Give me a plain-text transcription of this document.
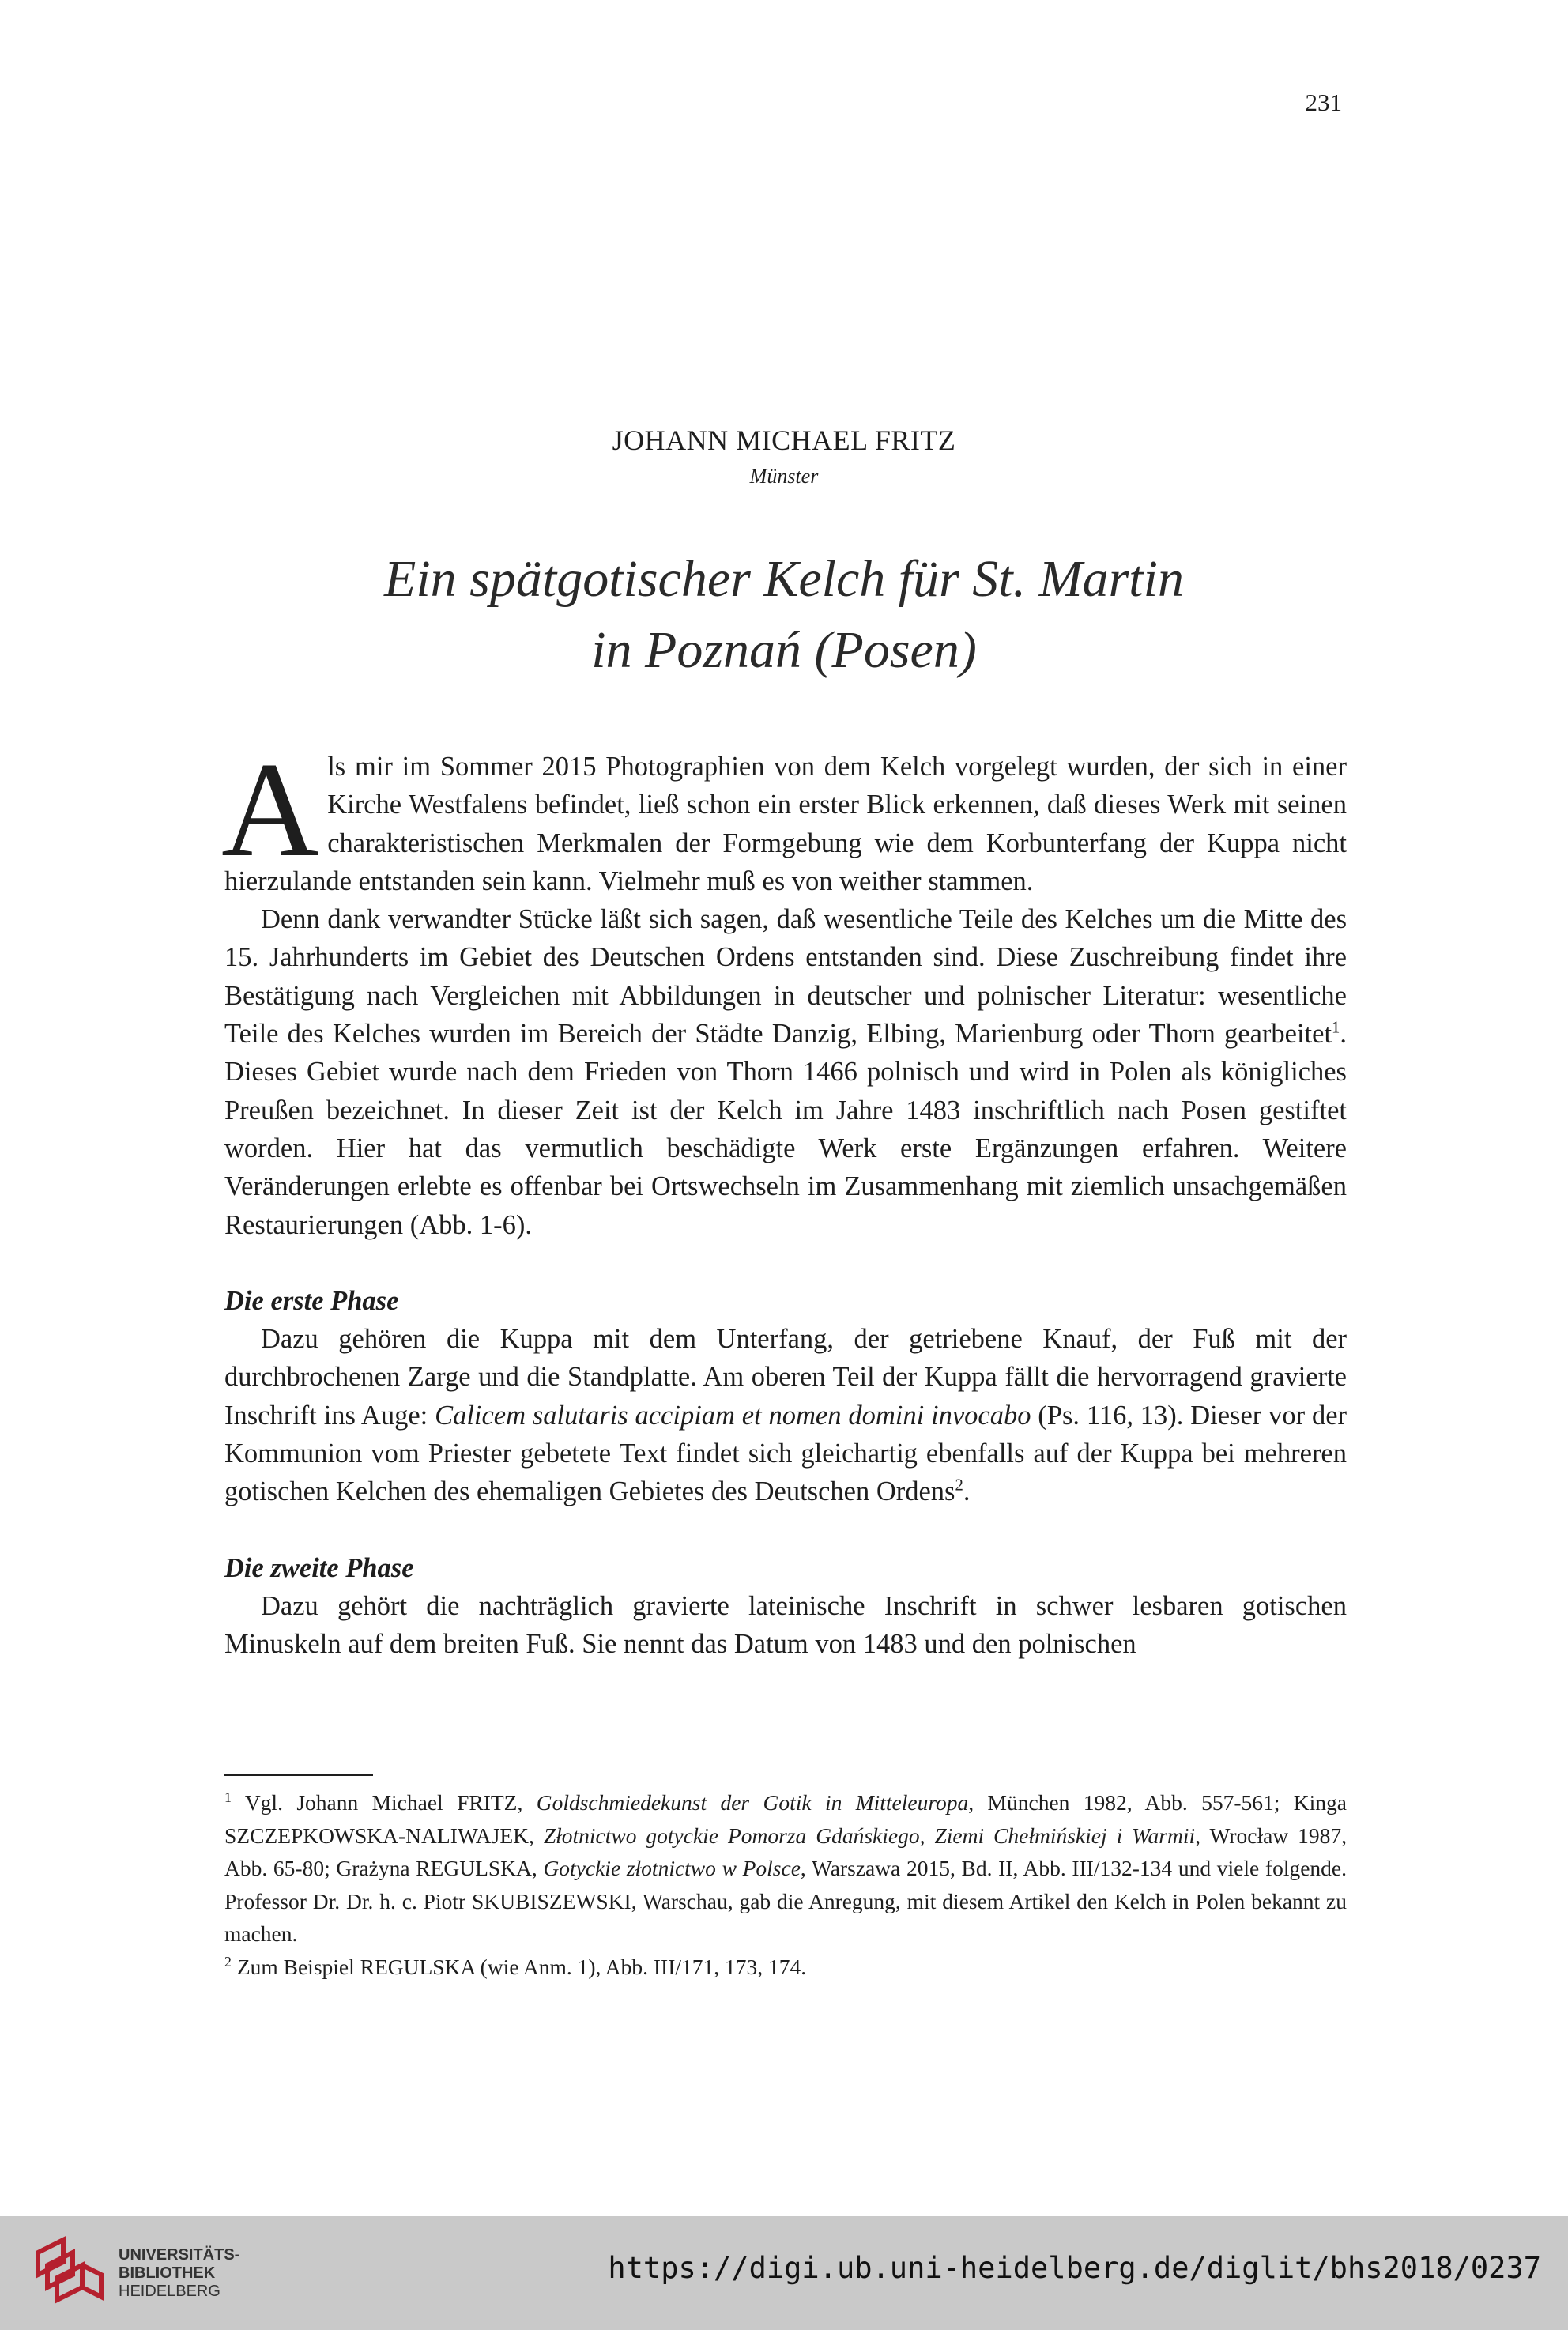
231
JOHANN MICHAEL FRITZ
Münster
Ein spätgotischer Kelch für St. Martin
in Poznań (Posen)

Als mir im Sommer 2015 Photographien von dem Kelch vorgelegt wurden, der sich in einer Kirche Westfalens befindet, ließ schon ein erster Blick erkennen, daß dieses Werk mit seinen charakteristischen Merkmalen der Formgebung wie dem Korbunterfang der Kuppa nicht hierzulande entstanden sein kann. Vielmehr muß es von weither stammen.

Denn dank verwandter Stücke läßt sich sagen, daß wesentliche Teile des Kelches um die Mitte des 15. Jahrhunderts im Gebiet des Deutschen Ordens entstanden sind. Diese Zuschreibung findet ihre Bestätigung nach Vergleichen mit Abbildungen in deutscher und polnischer Literatur: wesentliche Teile des Kelches wurden im Bereich der Städte Danzig, Elbing, Marienburg oder Thorn gearbeitet$^1$. Dieses Gebiet wurde nach dem Frieden von Thorn 1466 polnisch und wird in Polen als königliches Preußen bezeichnet. In dieser Zeit ist der Kelch im Jahre 1483 inschriftlich nach Posen gestiftet worden. Hier hat das vermutlich beschädigte Werk erste Ergänzungen erfahren. Weitere Veränderungen erlebte es offenbar bei Ortswechseln im Zusammenhang mit ziemlich unsachgemäßen Restaurierungen (Abb. 1-6).

Die erste Phase

Dazu gehören die Kuppa mit dem Unterfang, der getriebene Knauf, der Fuß mit der durchbrochenen Zarge und die Standplatte. Am oberen Teil der Kuppa fällt die hervorragend gravierte Inschrift ins Auge: Calicem salutaris accipiam et nomen domini invocabo (Ps. 116, 13). Dieser vor der Kommunion vom Priester gebetete Text findet sich gleichartig ebenfalls auf der Kuppa bei mehreren gotischen Kelchen des ehemaligen Gebietes des Deutschen Ordens$^2$.

Die zweite Phase

Dazu gehört die nachträglich gravierte lateinische Inschrift in schwer lesbaren gotischen Minuskeln auf dem breiten Fuß. Sie nennt das Datum von 1483 und den polnischen

$^1$ Vgl. Johann Michael FRITZ, Goldschmiedekunst der Gotik in Mitteleuropa, München 1982, Abb. 557-561; Kinga SZCZEPKOWSKA-NALIWAJEK, Złotnictwo gotyckie Pomorza Gdańskiego, Ziemi Chełmińskiej i Warmii, Wrocław 1987, Abb. 65-80; Grażyna REGULSKA, Gotyckie złotnictwo w Polsce, Warszawa 2015, Bd. II, Abb. III/132-134 und viele folgende. Professor Dr. Dr. h. c. Piotr SKUBISZEWSKI, Warschau, gab die Anregung, mit diesem Artikel den Kelch in Polen bekannt zu machen.

$^2$ Zum Beispiel REGULSKA (wie Anm. 1), Abb. III/171, 173, 174.

UNIVERSITÄTS-
BIBLIOTHEK
HEIDELBERG
https://digi.ub.uni-heidelberg.de/diglit/bhs2018/0237
